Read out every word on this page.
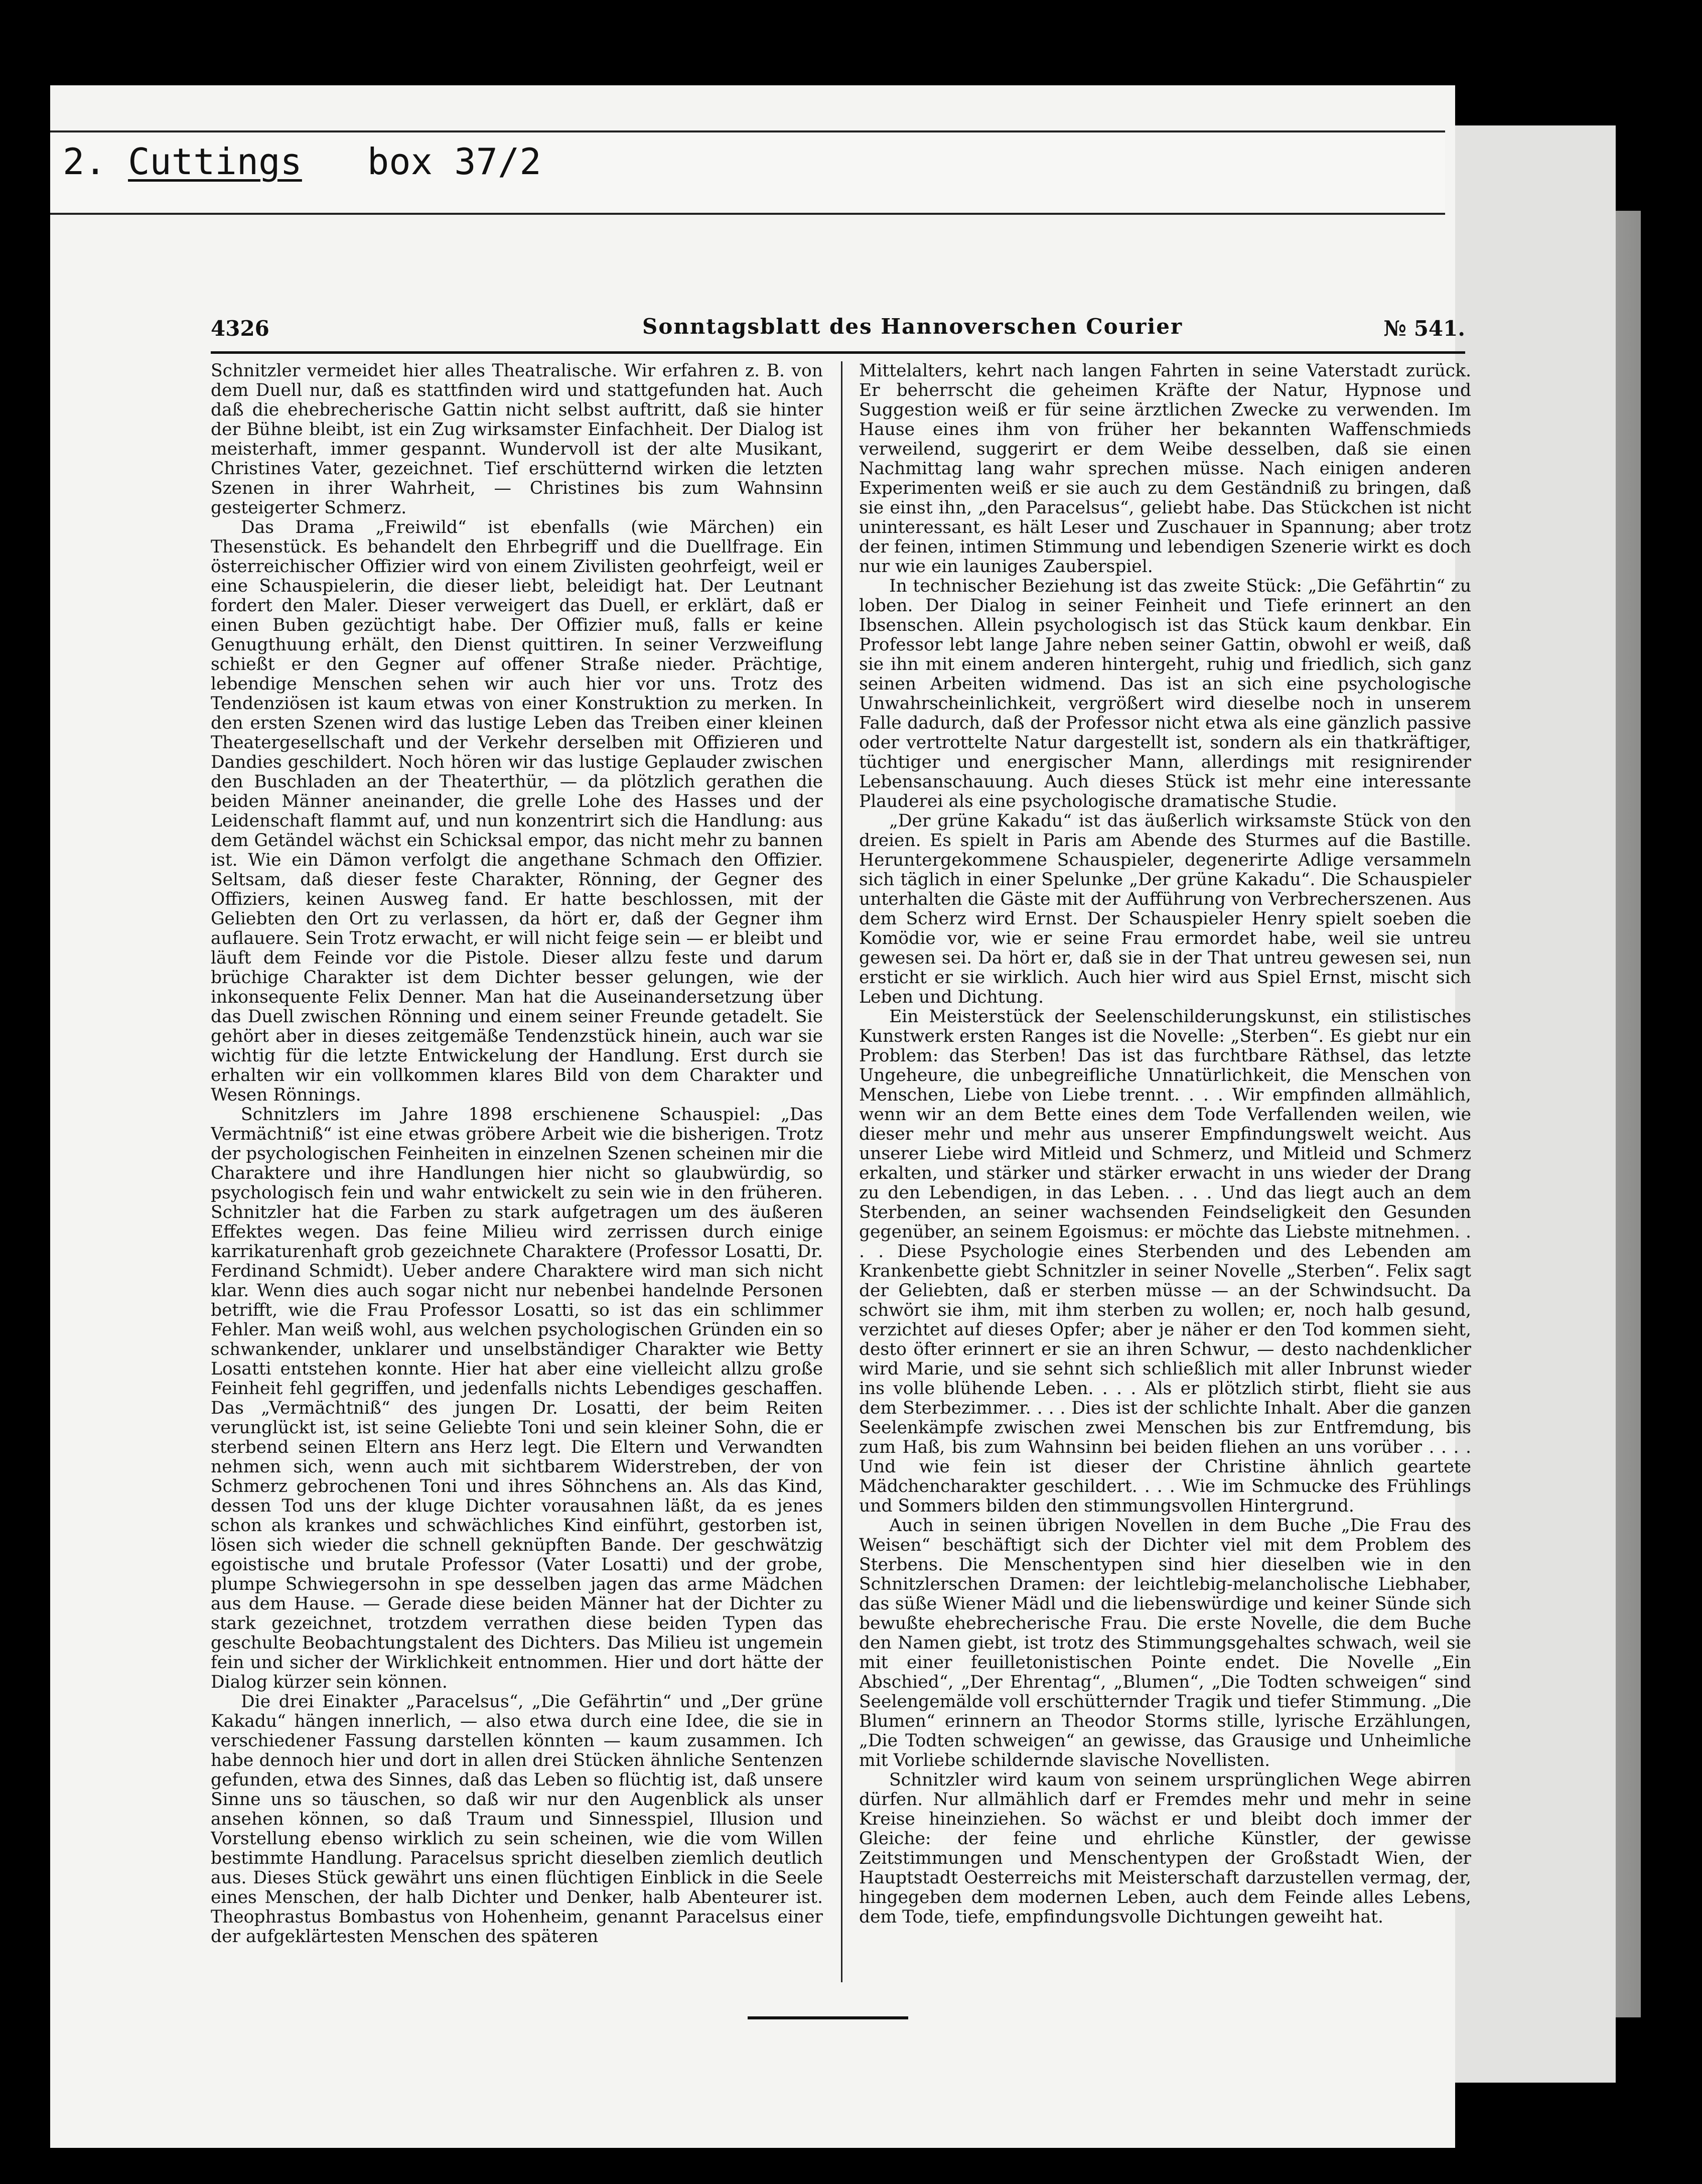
2. Cuttings box 37/2
4326	Sonntagsblatt des Hannoverschen Courier	№ 541.

Schnitzler vermeidet hier alles Theatralische. Wir erfahren z. B. von dem Duell nur, daß es stattfinden wird und stattgefunden hat. Auch daß die ehebrecherische Gattin nicht selbst auftritt, daß sie hinter der Bühne bleibt, ist ein Zug wirksamster Einfachheit. Der Dialog ist meisterhaft, immer gespannt. Wundervoll ist der alte Musikant, Christines Vater, gezeichnet. Tief erschütternd wirken die letzten Szenen in ihrer Wahrheit, — Christines bis zum Wahnsinn gesteigerter Schmerz.

Das Drama „Freiwild“ ist ebenfalls (wie Märchen) ein Thesenstück. Es behandelt den Ehrbegriff und die Duellfrage. Ein österreichischer Offizier wird von einem Zivilisten geohrfeigt, weil er eine Schauspielerin, die dieser liebt, beleidigt hat. Der Leutnant fordert den Maler. Dieser verweigert das Duell, er erklärt, daß er einen Buben gezüchtigt habe. Der Offizier muß, falls er keine Genugthuung erhält, den Dienst quittiren. In seiner Verzweiflung schießt er den Gegner auf offener Straße nieder. Prächtige, lebendige Menschen sehen wir auch hier vor uns. Trotz des Tendenziösen ist kaum etwas von einer Konstruktion zu merken. In den ersten Szenen wird das lustige Leben das Treiben einer kleinen Theatergesellschaft und der Verkehr derselben mit Offizieren und Dandies geschildert. Noch hören wir das lustige Geplauder zwischen den Buschladen an der Theaterthür, — da plötzlich gerathen die beiden Männer aneinander, die grelle Lohe des Hasses und der Leidenschaft flammt auf, und nun konzentrirt sich die Handlung: aus dem Getändel wächst ein Schicksal empor, das nicht mehr zu bannen ist. Wie ein Dämon verfolgt die angethane Schmach den Offizier. Seltsam, daß dieser feste Charakter, Rönning, der Gegner des Offiziers, keinen Ausweg fand. Er hatte beschlossen, mit der Geliebten den Ort zu verlassen, da hört er, daß der Gegner ihm auflauere. Sein Trotz erwacht, er will nicht feige sein — er bleibt und läuft dem Feinde vor die Pistole. Dieser allzu feste und darum brüchige Charakter ist dem Dichter besser gelungen, wie der inkonsequente Felix Denner. Man hat die Auseinandersetzung über das Duell zwischen Rönning und einem seiner Freunde getadelt. Sie gehört aber in dieses zeitgemäße Tendenzstück hinein, auch war sie wichtig für die letzte Entwickelung der Handlung. Erst durch sie erhalten wir ein vollkommen klares Bild von dem Charakter und Wesen Rönnings.

Schnitzlers im Jahre 1898 erschienene Schauspiel: „Das Vermächtniß“ ist eine etwas gröbere Arbeit wie die bisherigen. Trotz der psychologischen Feinheiten in einzelnen Szenen scheinen mir die Charaktere und ihre Handlungen hier nicht so glaubwürdig, so psychologisch fein und wahr entwickelt zu sein wie in den früheren. Schnitzler hat die Farben zu stark aufgetragen um des äußeren Effektes wegen. Das feine Milieu wird zerrissen durch einige karrikaturenhaft grob gezeichnete Charaktere (Professor Losatti, Dr. Ferdinand Schmidt). Ueber andere Charaktere wird man sich nicht klar. Wenn dies auch sogar nicht nur nebenbei handelnde Personen betrifft, wie die Frau Professor Losatti, so ist das ein schlimmer Fehler. Man weiß wohl, aus welchen psychologischen Gründen ein so schwankender, unklarer und unselbständiger Charakter wie Betty Losatti entstehen konnte. Hier hat aber eine vielleicht allzu große Feinheit fehl gegriffen, und jedenfalls nichts Lebendiges geschaffen. Das „Vermächtniß“ des jungen Dr. Losatti, der beim Reiten verunglückt ist, ist seine Geliebte Toni und sein kleiner Sohn, die er sterbend seinen Eltern ans Herz legt. Die Eltern und Verwandten nehmen sich, wenn auch mit sichtbarem Widerstreben, der von Schmerz gebrochenen Toni und ihres Söhnchens an. Als das Kind, dessen Tod uns der kluge Dichter vorausahnen läßt, da es jenes schon als krankes und schwächliches Kind einführt, gestorben ist, lösen sich wieder die schnell geknüpften Bande. Der geschwätzig egoistische und brutale Professor (Vater Losatti) und der grobe, plumpe Schwiegersohn in spe desselben jagen das arme Mädchen aus dem Hause. — Gerade diese beiden Männer hat der Dichter zu stark gezeichnet, trotzdem verrathen diese beiden Typen das geschulte Beobachtungstalent des Dichters. Das Milieu ist ungemein fein und sicher der Wirklichkeit entnommen. Hier und dort hätte der Dialog kürzer sein können.

Die drei Einakter „Paracelsus“, „Die Gefährtin“ und „Der grüne Kakadu“ hängen innerlich, — also etwa durch eine Idee, die sie in verschiedener Fassung darstellen könnten — kaum zusammen. Ich habe dennoch hier und dort in allen drei Stücken ähnliche Sentenzen gefunden, etwa des Sinnes, daß das Leben so flüchtig ist, daß unsere Sinne uns so täuschen, so daß wir nur den Augenblick als unser ansehen können, so daß Traum und Sinnesspiel, Illusion und Vorstellung ebenso wirklich zu sein scheinen, wie die vom Willen bestimmte Handlung. Paracelsus spricht dieselben ziemlich deutlich aus. Dieses Stück gewährt uns einen flüchtigen Einblick in die Seele eines Menschen, der halb Dichter und Denker, halb Abenteurer ist. Theophrastus Bombastus von Hohenheim, genannt Paracelsus einer der aufgeklärtesten Menschen des späteren

Mittelalters, kehrt nach langen Fahrten in seine Vaterstadt zurück. Er beherrscht die geheimen Kräfte der Natur, Hypnose und Suggestion weiß er für seine ärztlichen Zwecke zu verwenden. Im Hause eines ihm von früher her bekannten Waffenschmieds verweilend, suggerirt er dem Weibe desselben, daß sie einen Nachmittag lang wahr sprechen müsse. Nach einigen anderen Experimenten weiß er sie auch zu dem Geständniß zu bringen, daß sie einst ihn, „den Paracelsus“, geliebt habe. Das Stückchen ist nicht uninteressant, es hält Leser und Zuschauer in Spannung; aber trotz der feinen, intimen Stimmung und lebendigen Szenerie wirkt es doch nur wie ein launiges Zauberspiel.

In technischer Beziehung ist das zweite Stück: „Die Gefährtin“ zu loben. Der Dialog in seiner Feinheit und Tiefe erinnert an den Ibsenschen. Allein psychologisch ist das Stück kaum denkbar. Ein Professor lebt lange Jahre neben seiner Gattin, obwohl er weiß, daß sie ihn mit einem anderen hintergeht, ruhig und friedlich, sich ganz seinen Arbeiten widmend. Das ist an sich eine psychologische Unwahrscheinlichkeit, vergrößert wird dieselbe noch in unserem Falle dadurch, daß der Professor nicht etwa als eine gänzlich passive oder vertrottelte Natur dargestellt ist, sondern als ein thatkräftiger, tüchtiger und energischer Mann, allerdings mit resignirender Lebensanschauung. Auch dieses Stück ist mehr eine interessante Plauderei als eine psychologische dramatische Studie.

„Der grüne Kakadu“ ist das äußerlich wirksamste Stück von den dreien. Es spielt in Paris am Abende des Sturmes auf die Bastille. Heruntergekommene Schauspieler, degenerirte Adlige versammeln sich täglich in einer Spelunke „Der grüne Kakadu“. Die Schauspieler unterhalten die Gäste mit der Aufführung von Verbrecherszenen. Aus dem Scherz wird Ernst. Der Schauspieler Henry spielt soeben die Komödie vor, wie er seine Frau ermordet habe, weil sie untreu gewesen sei. Da hört er, daß sie in der That untreu gewesen sei, nun ersticht er sie wirklich. Auch hier wird aus Spiel Ernst, mischt sich Leben und Dichtung.

Ein Meisterstück der Seelenschilderungskunst, ein stilistisches Kunstwerk ersten Ranges ist die Novelle: „Sterben“. Es giebt nur ein Problem: das Sterben! Das ist das furchtbare Räthsel, das letzte Ungeheure, die unbegreifliche Unnatürlichkeit, die Menschen von Menschen, Liebe von Liebe trennt. . . . Wir empfinden allmählich, wenn wir an dem Bette eines dem Tode Verfallenden weilen, wie dieser mehr und mehr aus unserer Empfindungswelt weicht. Aus unserer Liebe wird Mitleid und Schmerz, und Mitleid und Schmerz erkalten, und stärker und stärker erwacht in uns wieder der Drang zu den Lebendigen, in das Leben. . . . Und das liegt auch an dem Sterbenden, an seiner wachsenden Feindseligkeit den Gesunden gegenüber, an seinem Egoismus: er möchte das Liebste mitnehmen. . . . Diese Psychologie eines Sterbenden und des Lebenden am Krankenbette giebt Schnitzler in seiner Novelle „Sterben“. Felix sagt der Geliebten, daß er sterben müsse — an der Schwindsucht. Da schwört sie ihm, mit ihm sterben zu wollen; er, noch halb gesund, verzichtet auf dieses Opfer; aber je näher er den Tod kommen sieht, desto öfter erinnert er sie an ihren Schwur, — desto nachdenklicher wird Marie, und sie sehnt sich schließlich mit aller Inbrunst wieder ins volle blühende Leben. . . . Als er plötzlich stirbt, flieht sie aus dem Sterbezimmer. . . . Dies ist der schlichte Inhalt. Aber die ganzen Seelenkämpfe zwischen zwei Menschen bis zur Entfremdung, bis zum Haß, bis zum Wahnsinn bei beiden fliehen an uns vorüber . . . . Und wie fein ist dieser der Christine ähnlich geartete Mädchencharakter geschildert. . . . Wie im Schmucke des Frühlings und Sommers bilden den stimmungsvollen Hintergrund.

Auch in seinen übrigen Novellen in dem Buche „Die Frau des Weisen“ beschäftigt sich der Dichter viel mit dem Problem des Sterbens. Die Menschentypen sind hier dieselben wie in den Schnitzlerschen Dramen: der leichtlebig-melancholische Liebhaber, das süße Wiener Mädl und die liebenswürdige und keiner Sünde sich bewußte ehebrecherische Frau. Die erste Novelle, die dem Buche den Namen giebt, ist trotz des Stimmungsgehaltes schwach, weil sie mit einer feuilletonistischen Pointe endet. Die Novelle „Ein Abschied“, „Der Ehrentag“, „Blumen“, „Die Todten schweigen“ sind Seelengemälde voll erschütternder Tragik und tiefer Stimmung. „Die Blumen“ erinnern an Theodor Storms stille, lyrische Erzählungen, „Die Todten schweigen“ an gewisse, das Grausige und Unheimliche mit Vorliebe schildernde slavische Novellisten.

Schnitzler wird kaum von seinem ursprünglichen Wege abirren dürfen. Nur allmählich darf er Fremdes mehr und mehr in seine Kreise hineinziehen. So wächst er und bleibt doch immer der Gleiche: der feine und ehrliche Künstler, der gewisse Zeitstimmungen und Menschentypen der Großstadt Wien, der Hauptstadt Oesterreichs mit Meisterschaft darzustellen vermag, der, hingegeben dem modernen Leben, auch dem Feinde alles Lebens, dem Tode, tiefe, empfindungsvolle Dichtungen geweiht hat.
